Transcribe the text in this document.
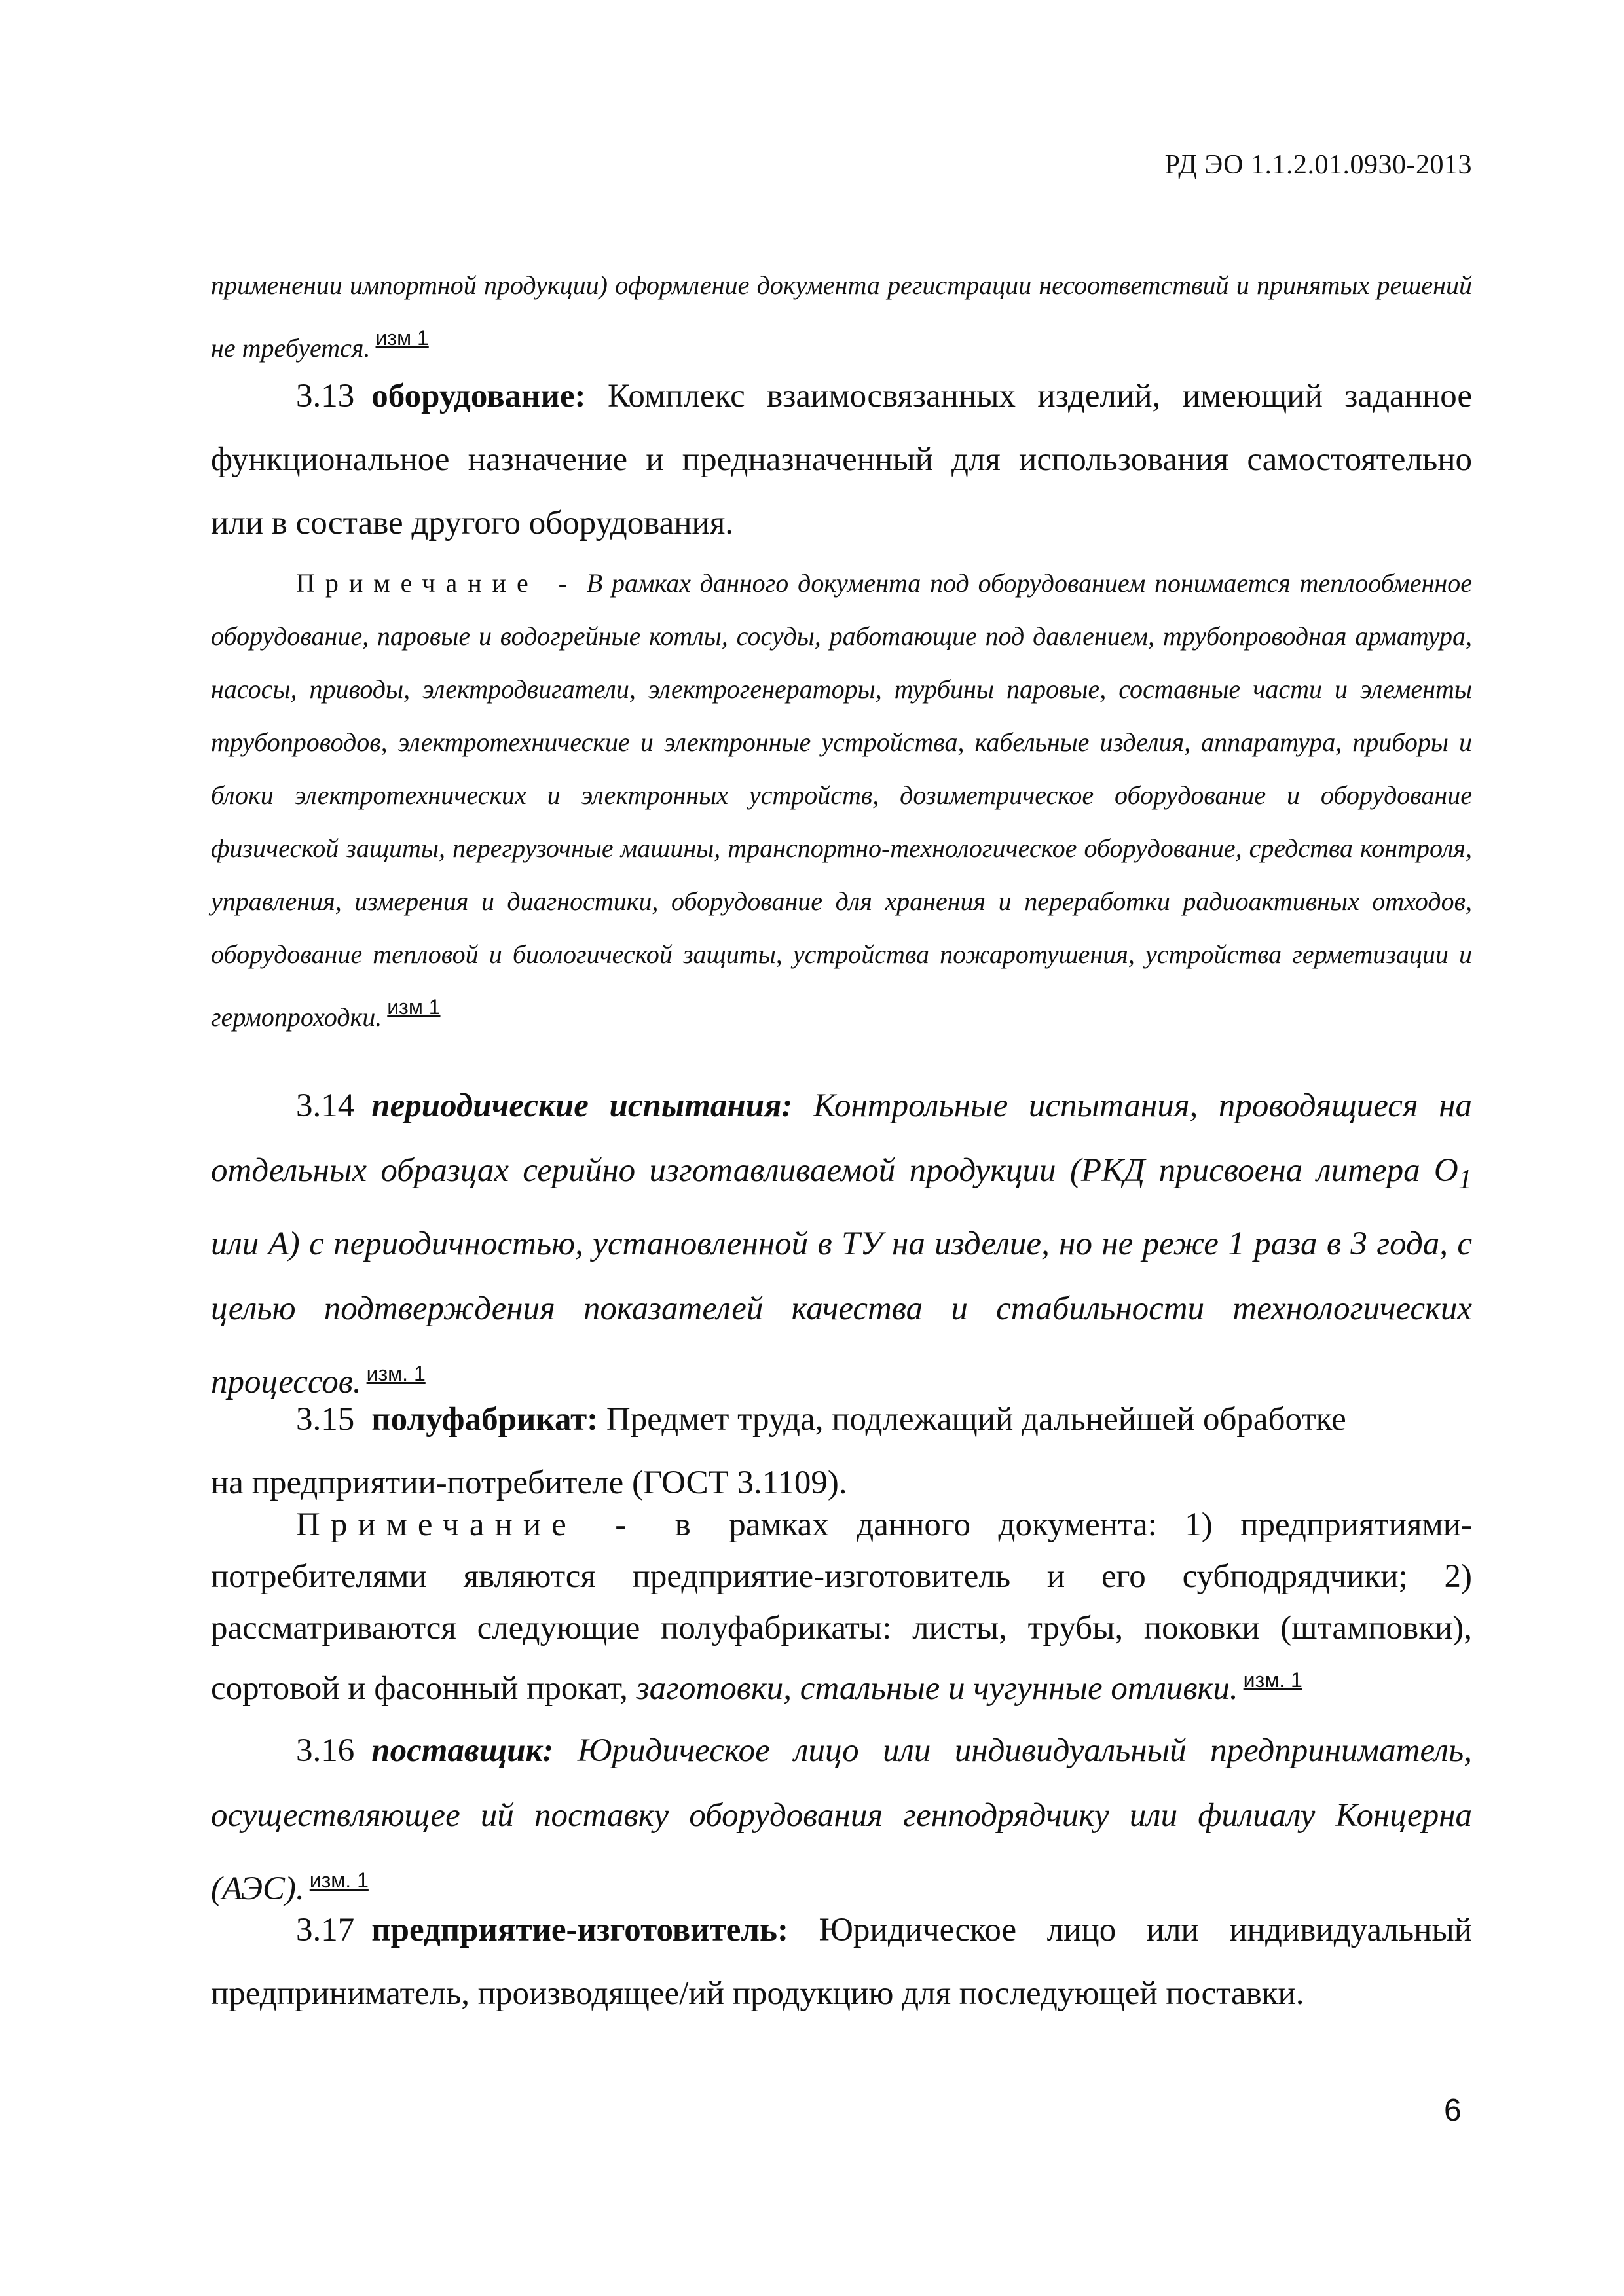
РД ЭО 1.1.2.01.0930-2013
применении импортной продукции) оформление документа регистрации несоответствий и принятых решений не требуется. $^{изм 1}$
3.13 оборудование: Комплекс взаимосвязанных изделий, имеющий заданное функциональное назначение и предназначенный для использования самостоятельно или в составе другого оборудования.
Примечание - В рамках данного документа под оборудованием понимается теплообменное оборудование, паровые и водогрейные котлы, сосуды, работающие под давлением, трубопроводная арматура, насосы, приводы, электродвигатели, электрогенераторы, турбины паровые, составные части и элементы трубопроводов, электротехнические и электронные устройства, кабельные изделия, аппаратура, приборы и блоки электротехнических и электронных устройств, дозиметрическое оборудование и оборудование физической защиты, перегрузочные машины, транспортно-технологическое оборудование, средства контроля, управления, измерения и диагностики, оборудование для хранения и переработки радиоактивных отходов, оборудование тепловой и биологической защиты, устройства пожаротушения, устройства герметизации и гермопроходки. $^{изм 1}$
3.14 периодические испытания: Контрольные испытания, проводящиеся на отдельных образцах серийно изготавливаемой продукции (РКД присвоена литера $О_1$ или А) с периодичностью, установленной в ТУ на изделие, но не реже 1 раза в 3 года, с целью подтверждения показателей качества и стабильности технологических процессов. $^{изм. 1}$
3.15 полуфабрикат: Предмет труда, подлежащий дальнейшей обработке
на предприятии-потребителе (ГОСТ 3.1109).
Примечание - в рамках данного документа: 1) предприятиями-потребителями являются предприятие-изготовитель и его субподрядчики; 2) рассматриваются следующие полуфабрикаты: листы, трубы, поковки (штамповки), сортовой и фасонный прокат, заготовки, стальные и чугунные отливки. $^{изм. 1}$
3.16 поставщик: Юридическое лицо или индивидуальный предприниматель, осуществляющее ий поставку оборудования генподрядчику или филиалу Концерна (АЭС). $^{изм. 1}$
3.17 предприятие-изготовитель: Юридическое лицо или индивидуальный предприниматель, производящее/ий продукцию для последующей поставки.
6
